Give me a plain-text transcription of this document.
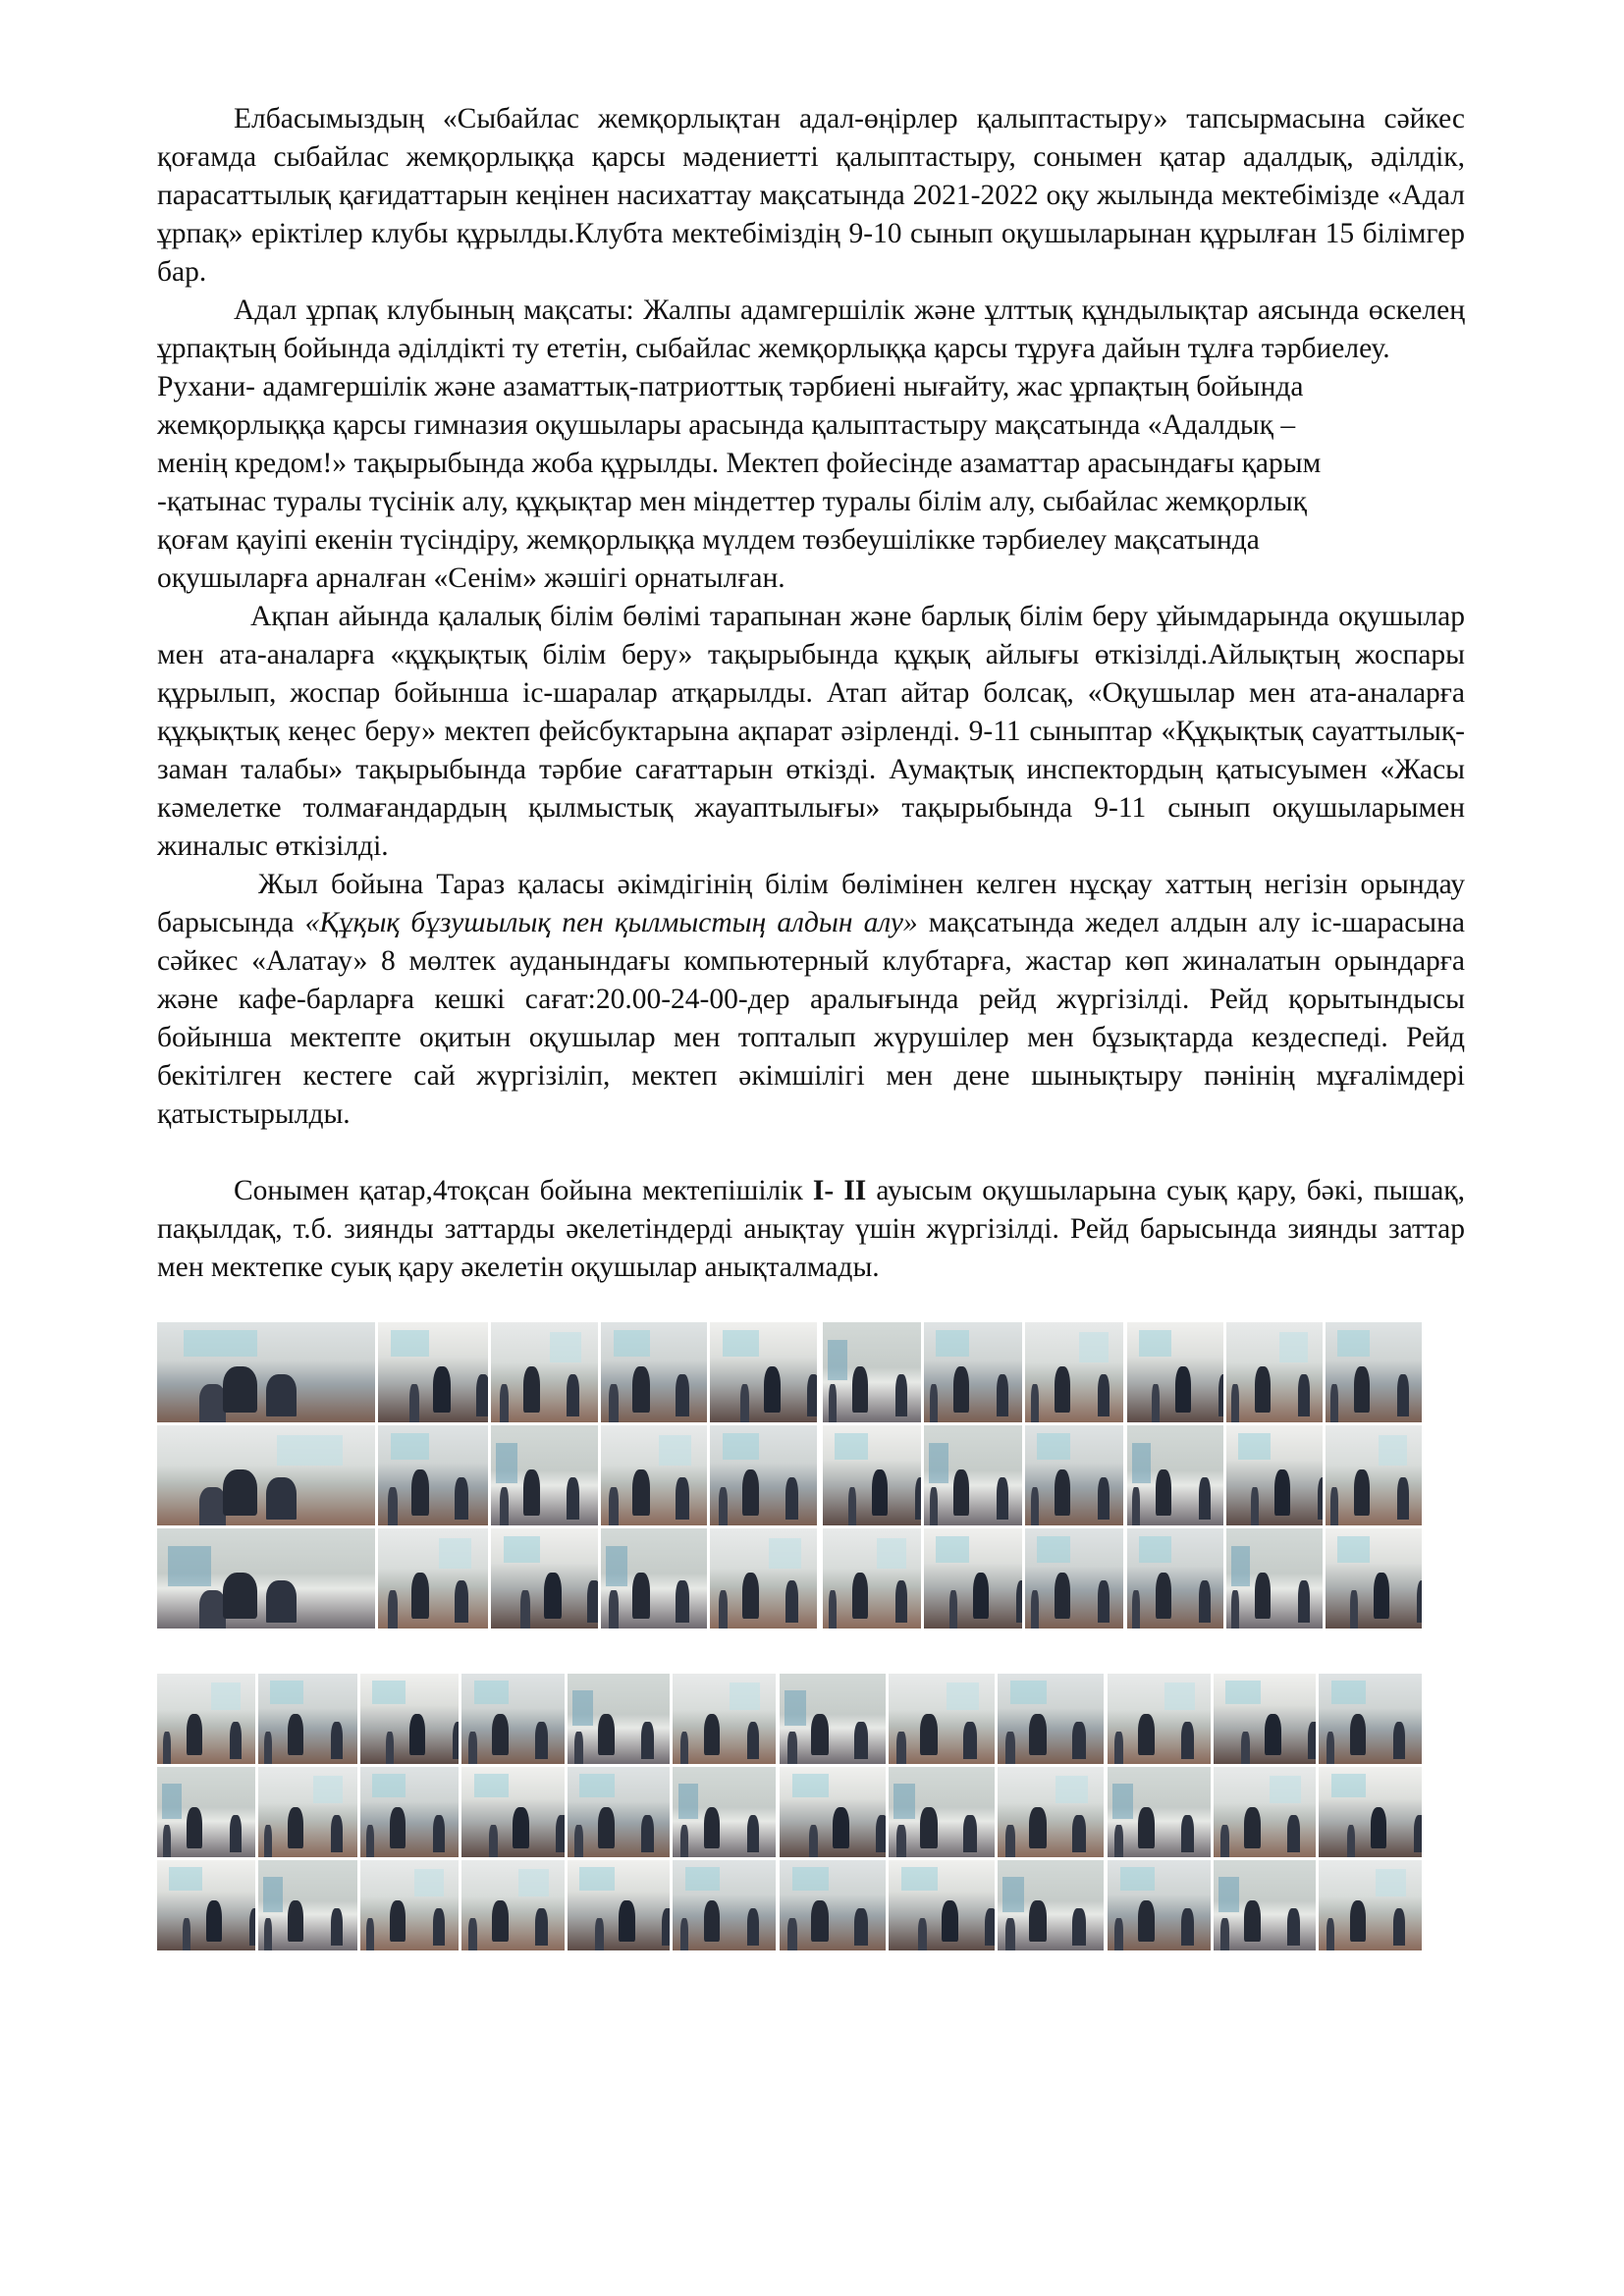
Елбасымыздың «Сыбайлас жемқорлықтан адал-өңірлер қалыптастыру» тапсырмасына сәйкес қоғамда сыбайлас жемқорлыққа қарсы мәдениетті қалыптастыру, сонымен қатар адалдық, әділдік, парасаттылық қағидаттарын кеңінен насихаттау мақсатында 2021-2022 оқу жылында мектебімізде «Адал ұрпақ» еріктілер клубы құрылды.Клубта мектебіміздің 9-10 сынып оқушыларынан құрылған 15 білімгер бар.

Адал ұрпақ клубының мақсаты: Жалпы адамгершілік және ұлттық құндылықтар аясында өскелең ұрпақтың бойында әділдікті ту ететін, сыбайлас жемқорлыққа қарсы тұруға дайын тұлға тәрбиелеу.

Рухани- адамгершілік және азаматтық-патриоттық тәрбиені нығайту, жас ұрпақтың бойында

жемқорлыққа қарсы гимназия оқушылары арасында қалыптастыру мақсатында «Адалдық –

менің кредом!» тақырыбында жоба құрылды. Мектеп фойесінде азаматтар арасындағы қарым

-қатынас туралы түсінік алу, құқықтар мен міндеттер туралы білім алу, сыбайлас жемқорлық

қоғам қауіпі екенін түсіндіру, жемқорлыққа мүлдем төзбеушілікке тәрбиелеу мақсатында

оқушыларға арналған «Сенім» жәшігі орнатылған.

Ақпан айында қалалық білім бөлімі тарапынан және барлық білім беру ұйымдарында оқушылар мен ата-аналарға «құқықтық білім беру» тақырыбында құқық айлығы өткізілді.Айлықтың жоспары құрылып, жоспар бойынша іс-шаралар атқарылды. Атап айтар болсақ, «Оқушылар мен ата-аналарға құқықтық кеңес беру» мектеп фейсбуктарына ақпарат әзірленді. 9-11 сыныптар «Құқықтық сауаттылық-заман талабы» тақырыбында тәрбие сағаттарын өткізді. Аумақтық инспектордың қатысуымен «Жасы кәмелетке толмағандардың қылмыстық жауаптылығы» тақырыбында 9-11 сынып оқушыларымен жиналыс өткізілді.

Жыл бойына Тараз қаласы әкімдігінің білім бөлімінен келген нұсқау хаттың негізін орындау барысында «Құқық бұзушылық пен қылмыстың алдын алу» мақсатында жедел алдын алу іс-шарасына сәйкес «Алатау» 8 мөлтек ауданындағы компьютерный клубтарға, жастар көп жиналатын орындарға және кафе-барларға кешкі сағат:20.00-24-00-дер аралығында рейд жүргізілді. Рейд қорытындысы бойынша мектепте оқитын оқушылар мен топталып жүрушілер мен бұзықтарда кездеспеді. Рейд бекітілген кестеге сай жүргізіліп, мектеп әкімшілігі мен дене шынықтыру пәнінің мұғалімдері қатыстырылды.

Сонымен қатар,4тоқсан бойына мектепішілік I- II ауысым оқушыларына суық қару, бәкі, пышақ, пақылдақ, т.б. зиянды заттарды әкелетіндерді анықтау үшін жүргізілді. Рейд барысында зиянды заттар мен мектепке суық қару әкелетін оқушылар анықталмады.
